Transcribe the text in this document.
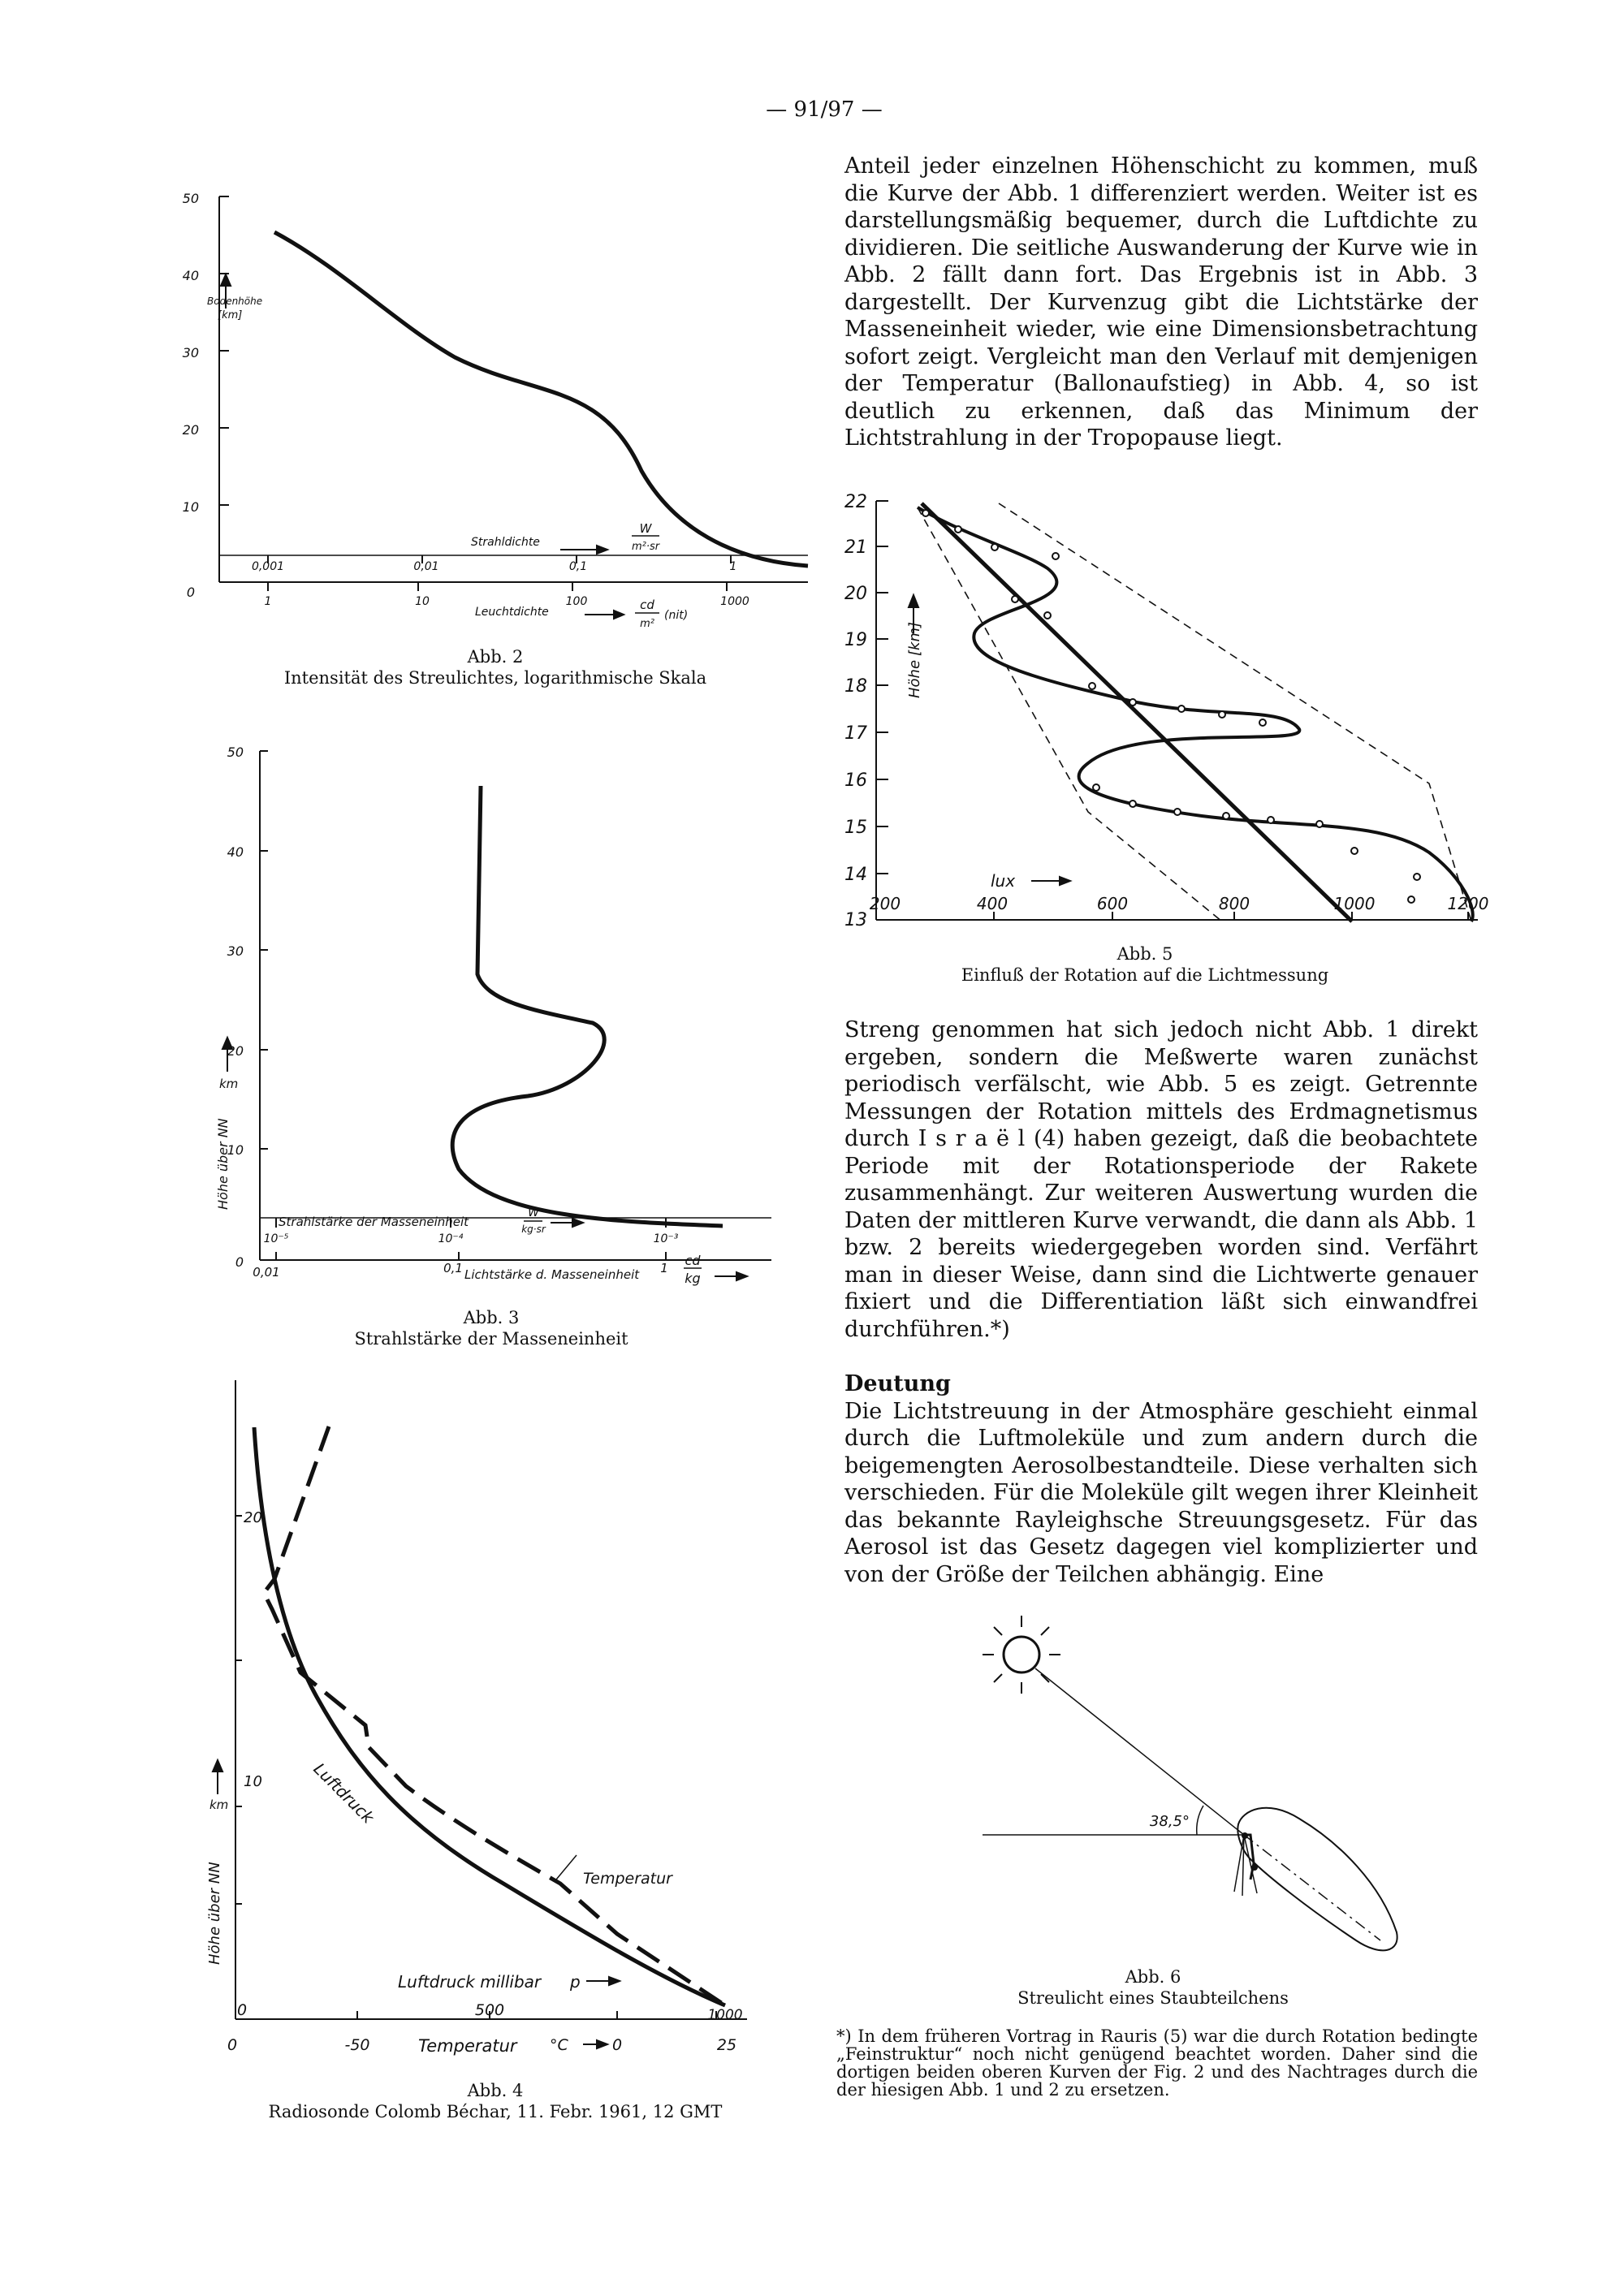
— 91/97 —

Anteil jeder einzelnen Höhenschicht zu kommen, muß die Kurve der Abb. 1 differenziert werden. Weiter ist es darstellungsmäßig bequemer, durch die Luftdichte zu dividieren. Die seitliche Auswanderung der Kurve wie in Abb. 2 fällt dann fort. Das Ergebnis ist in Abb. 3 dargestellt. Der Kurvenzug gibt die Lichtstärke der Masseneinheit wieder, wie eine Dimensionsbetrachtung sofort zeigt. Vergleicht man den Verlauf mit demjenigen der Temperatur (Ballonaufstieg) in Abb. 4, so ist deutlich zu erkennen, daß das Minimum der Lichtstrahlung in der Tropopause liegt.

Streng genommen hat sich jedoch nicht Abb. 1 direkt ergeben, sondern die Meßwerte waren zunächst periodisch verfälscht, wie Abb. 5 es zeigt. Getrennte Messungen der Rotation mittels des Erdmagnetismus durch I s r a ë l (4) haben gezeigt, daß die beobachtete Periode mit der Rotationsperiode der Rakete zusammenhängt. Zur weiteren Auswertung wurden die Daten der mittleren Kurve verwandt, die dann als Abb. 1 bzw. 2 bereits wiedergegeben worden sind. Verfährt man in dieser Weise, dann sind die Lichtwerte genauer fixiert und die Differentiation läßt sich einwandfrei durchführen.*)

Deutung

Die Lichtstreuung in der Atmosphäre geschieht einmal durch die Luftmoleküle und zum andern durch die beigemengten Aerosolbestandteile. Diese verhalten sich verschieden. Für die Moleküle gilt wegen ihrer Kleinheit das bekannte Rayleighsche Streuungsgesetz. Für das Aerosol ist das Gesetz dagegen viel komplizierter und von der Größe der Teilchen abhängig. Eine

*) In dem früheren Vortrag in Rauris (5) war die durch Rotation bedingte „Feinstruktur“ noch nicht genügend beachtet worden. Daher sind die dortigen beiden oberen Kurven der Fig. 2 und des Nachtrages durch die der hiesigen Abb. 1 und 2 zu ersetzen.
50
40
30
20
10
0
Bodenhöhe
[km]
Strahldichte
W
m²·sr
0,001	0,01	0,1	1
1	10	100	1000
Leuchtdichte	cd
m²
(nit)
Abb. 2
Intensität des Streulichtes, logarithmische Skala
50
40
30
20
10
0
km
Höhe über NN
Strahlstärke der Masseneinheit
W
kg·sr
10⁻⁵	10⁻⁴	10⁻³
0,01	0,1	1
Lichtstärke d. Masseneinheit
cd
kg
Abb. 3
Strahlstärke der Masseneinheit
20
10
km
Höhe über NN
Luftdruck
Temperatur
Luftdruck millibar p
0	500	1000
0	-50	0	25
Temperatur °C
Abb. 4
Radiosonde Colomb Béchar, 11. Febr. 1961, 12 GMT
22
21
20
19
18
17
16
15
14
13
200	400	600	800	1000	1200
lux
Höhe
[km]
Abb. 5
Einfluß der Rotation auf die Lichtmessung
38,5°
Abb. 6
Streulicht eines Staubteilchens
